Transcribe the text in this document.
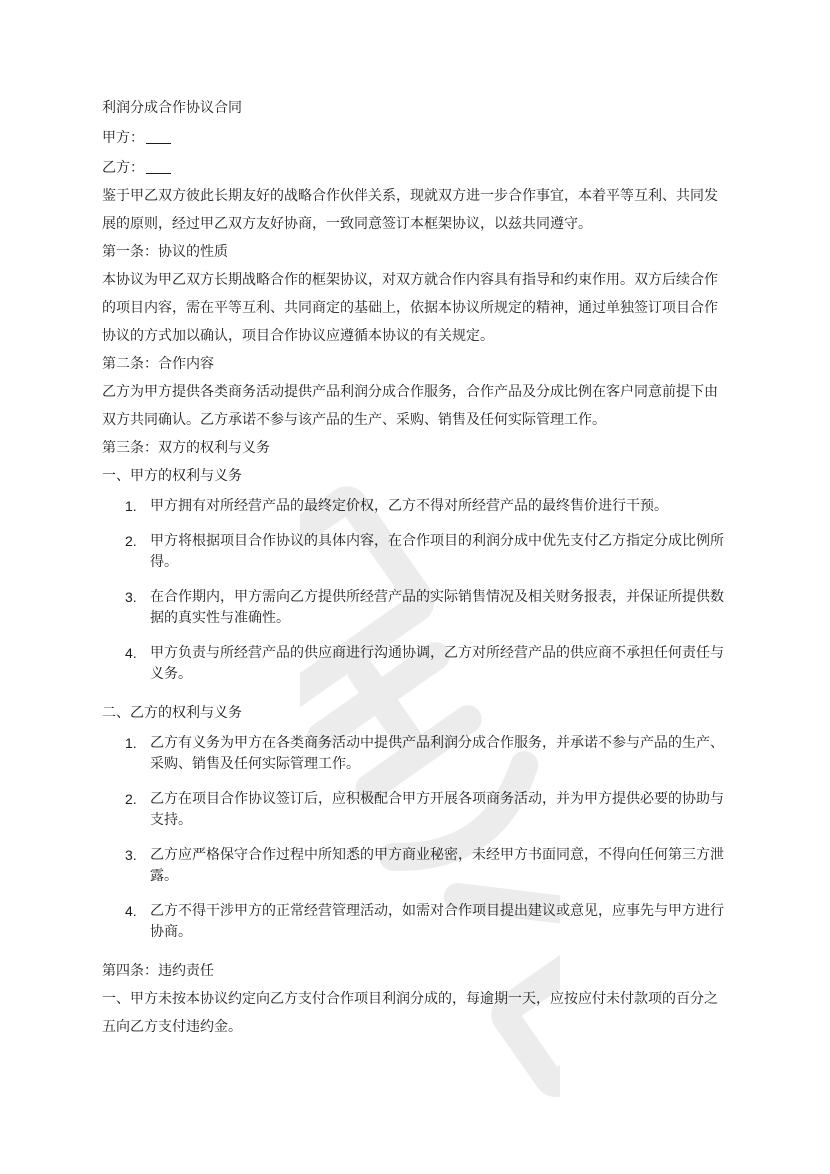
利润分成合作协议合同

甲方：

乙方：

鉴于甲乙双方彼此长期友好的战略合作伙伴关系，现就双方进一步合作事宜，本着平等互利、共同发展的原则，经过甲乙双方友好协商，一致同意签订本框架协议，以兹共同遵守。

第一条：协议的性质

本协议为甲乙双方长期战略合作的框架协议，对双方就合作内容具有指导和约束作用。双方后续合作的项目内容，需在平等互利、共同商定的基础上，依据本协议所规定的精神，通过单独签订项目合作协议的方式加以确认，项目合作协议应遵循本协议的有关规定。

第二条：合作内容

乙方为甲方提供各类商务活动提供产品利润分成合作服务，合作产品及分成比例在客户同意前提下由双方共同确认。乙方承诺不参与该产品的生产、采购、销售及任何实际管理工作。

第三条：双方的权利与义务

一、甲方的权利与义务

1. 甲方拥有对所经营产品的最终定价权，乙方不得对所经营产品的最终售价进行干预。
2. 甲方将根据项目合作协议的具体内容，在合作项目的利润分成中优先支付乙方指定分成比例所得。
3. 在合作期内，甲方需向乙方提供所经营产品的实际销售情况及相关财务报表，并保证所提供数据的真实性与准确性。
4. 甲方负责与所经营产品的供应商进行沟通协调，乙方对所经营产品的供应商不承担任何责任与义务。

二、乙方的权利与义务

1. 乙方有义务为甲方在各类商务活动中提供产品利润分成合作服务，并承诺不参与产品的生产、采购、销售及任何实际管理工作。
2. 乙方在项目合作协议签订后，应积极配合甲方开展各项商务活动，并为甲方提供必要的协助与支持。
3. 乙方应严格保守合作过程中所知悉的甲方商业秘密，未经甲方书面同意，不得向任何第三方泄露。
4. 乙方不得干涉甲方的正常经营管理活动，如需对合作项目提出建议或意见，应事先与甲方进行协商。

第四条：违约责任

一、甲方未按本协议约定向乙方支付合作项目利润分成的，每逾期一天，应按应付未付款项的百分之五向乙方支付违约金。
